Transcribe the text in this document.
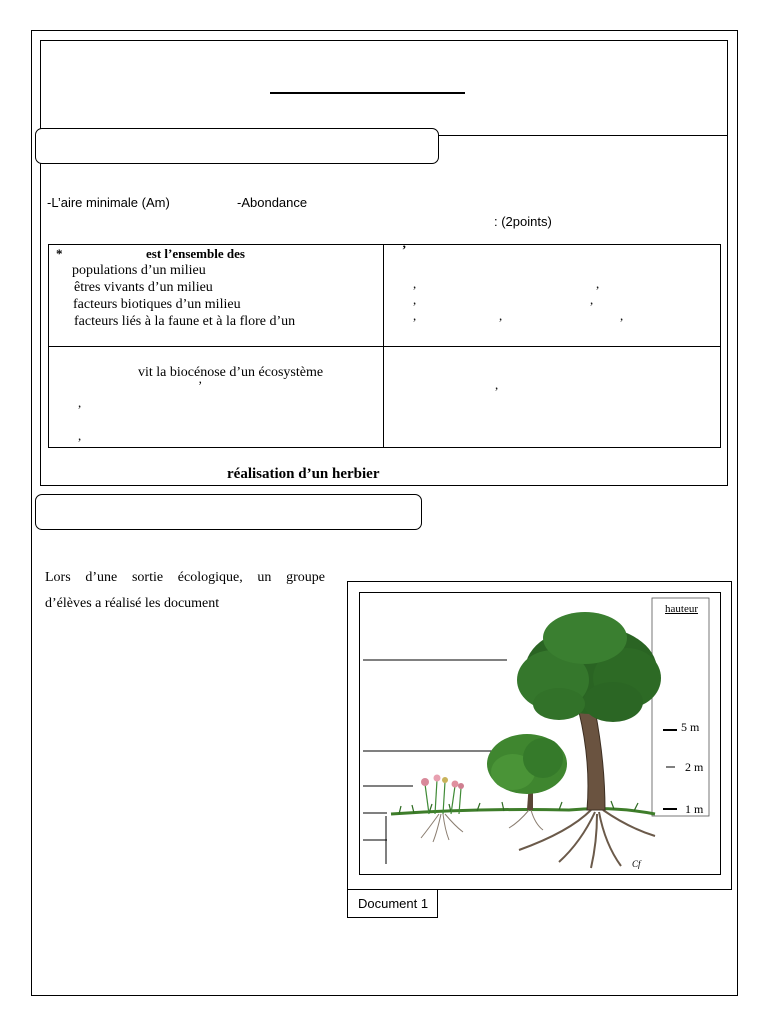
-L’aire minimale (Am)	-Abondance
: (2points)
*	est l’ensemble des
populations d’un milieu
êtres vivants d’un milieu
facteurs biotiques d’un milieu
facteurs liés à la faune et à la flore d’un
’
,	,
,	,
,	,	,
vit la biocénose d’un écosystème
’
,
,
,
réalisation d’un herbier
Lors d’une sortie écologique, un groupe
d’élèves a réalisé les document
Document 1
hauteur
5 m
2 m
1 m
Cf
